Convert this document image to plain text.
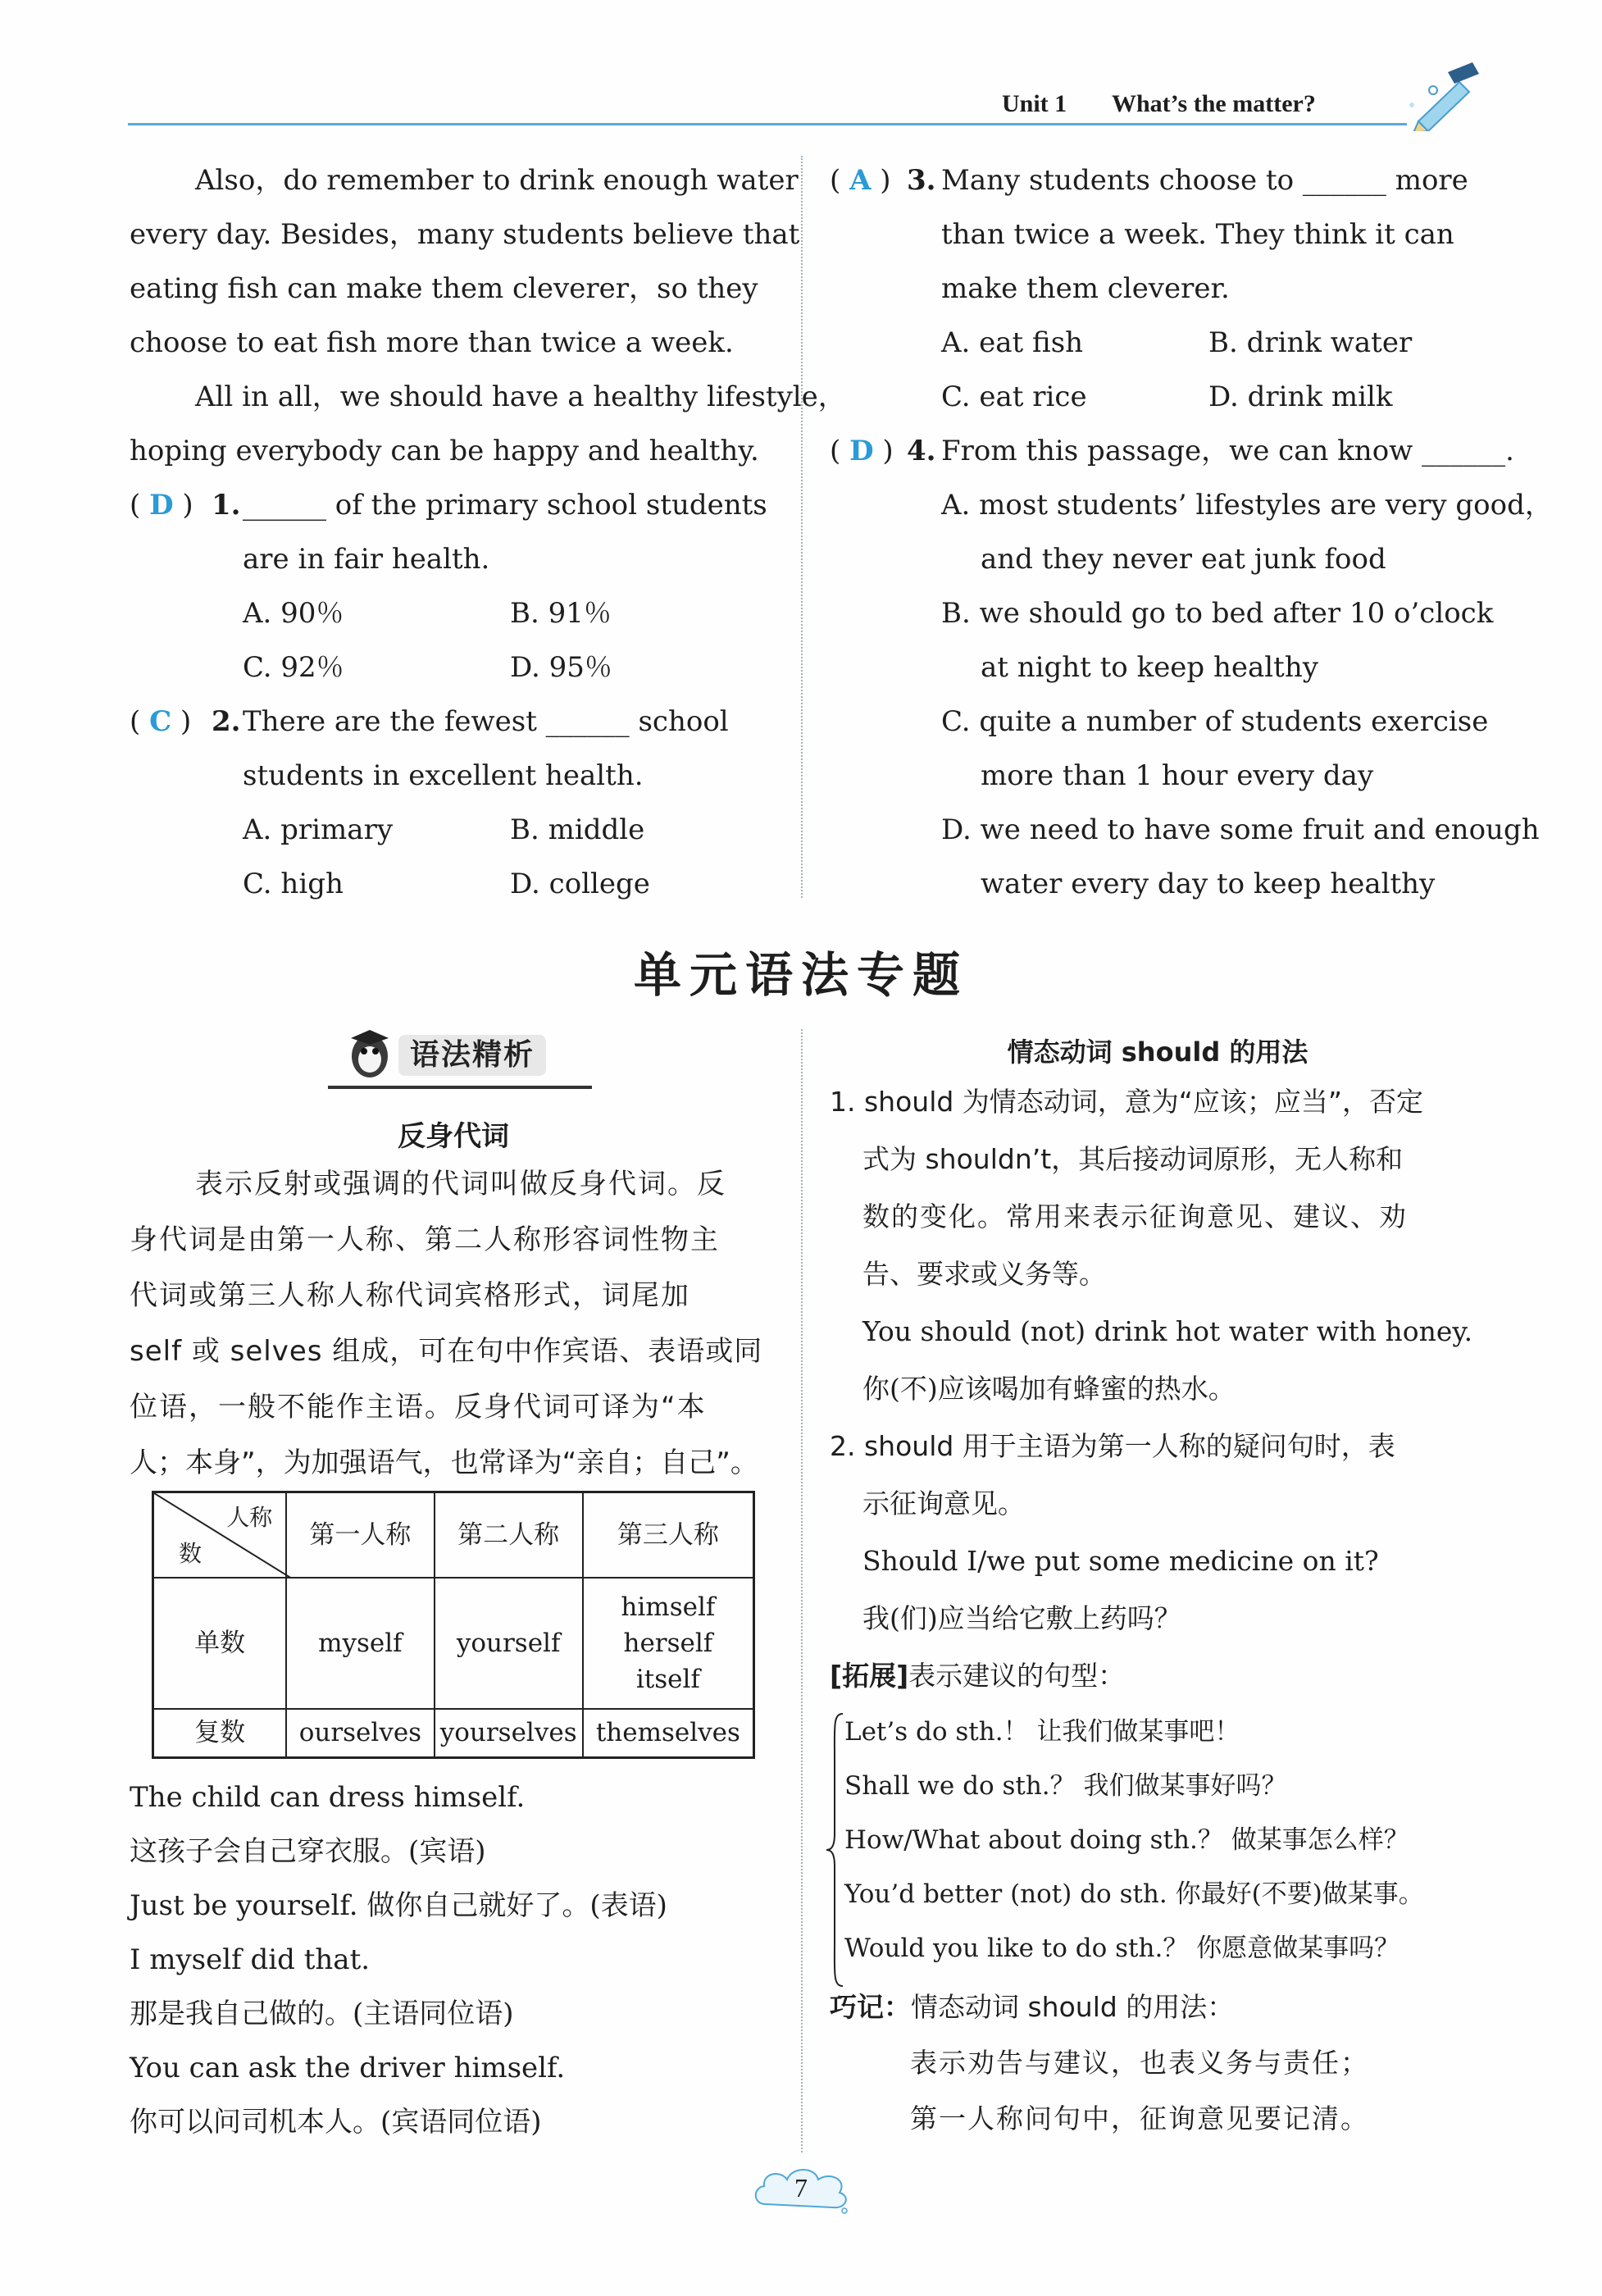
Unit 1 What’s the matter?
Also，do remember to drink enough water
every day. Besides，many students believe that
eating fish can make them cleverer，so they
choose to eat fish more than twice a week.
All in all，we should have a healthy lifestyle，
hoping everybody can be happy and healthy.
( D ) 1. ______ of the primary school students
are in fair health.
A. 90％	B. 91％
C. 92％	D. 95％
( C ) 2. There are the fewest ______ school
students in excellent health.
A. primary	B. middle
C. high	D. college
( A ) 3. Many students choose to ______ more
than twice a week. They think it can
make them cleverer.
A. eat fish	B. drink water
C. eat rice	D. drink milk
( D ) 4. From this passage，we can know ______.
A. most students’ lifestyles are very good，
and they never eat junk food
B. we should go to bed after 10 o’clock
at night to keep healthy
C. quite a number of students exercise
more than 1 hour every day
D. we need to have some fruit and enough
water every day to keep healthy
单元语法专题
语法精析
反身代词
表示反射或强调的代词叫做反身代词。反
身代词是由第一人称、第二人称形容词性物主
代词或第三人称人称代词宾格形式，词尾加
self 或 selves 组成，可在句中作宾语、表语或同
位语，一般不能作主语。反身代词可译为“本
人；本身”，为加强语气，也常译为“亲自；自己”。
人称
数	第一人称	第二人称	第三人称
单数	myself	yourself	himself
herself
itself

复数	ourselves	yourselves	themselves
The child can dress himself.
这孩子会自己穿衣服。(宾语)
Just be yourself. 做你自己就好了。(表语)
I myself did that.
那是我自己做的。(主语同位语)
You can ask the driver himself.
你可以问司机本人。(宾语同位语)
情态动词 should 的用法
1. should 为情态动词，意为“应该；应当”，否定
式为 shouldn’t，其后接动词原形，无人称和
数的变化。常用来表示征询意见、建议、劝
告、要求或义务等。
You should (not) drink hot water with honey.
你(不)应该喝加有蜂蜜的热水。
2. should 用于主语为第一人称的疑问句时，表
示征询意见。
Should I/we put some medicine on it?
我(们)应当给它敷上药吗？
[拓展]表示建议的句型：
Let’s do sth.！ 让我们做某事吧！
Shall we do sth.？ 我们做某事好吗？
How/What about doing sth.？ 做某事怎么样？
You’d better (not) do sth. 你最好(不要)做某事。
Would you like to do sth.？ 你愿意做某事吗？
巧记：情态动词 should 的用法：
表示劝告与建议，也表义务与责任；
第一人称问句中，征询意见要记清。
7
